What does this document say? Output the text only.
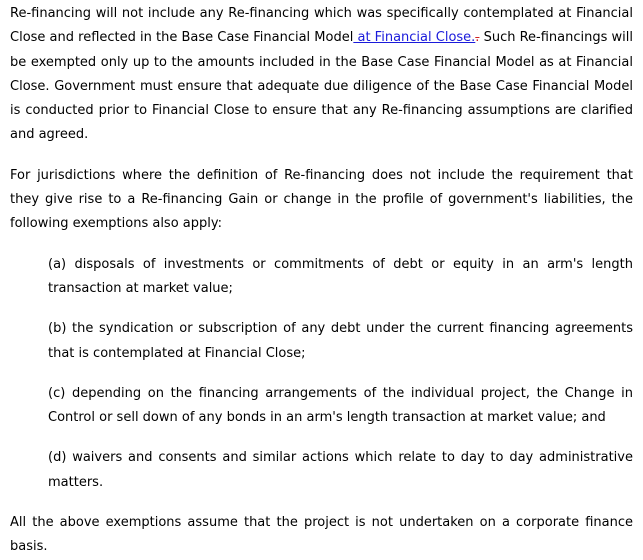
Re-financing will not include any Re-financing which was specifically contemplated at Financial Close and reflected in the Base Case Financial Model at Financial Close.. Such Re-financings will be exempted only up to the amounts included in the Base Case Financial Model as at Financial Close. Government must ensure that adequate due diligence of the Base Case Financial Model is conducted prior to Financial Close to ensure that any Re-financing assumptions are clarified and agreed.

For jurisdictions where the definition of Re-financing does not include the requirement that they give rise to a Re-financing Gain or change in the profile of government's liabilities, the following exemptions also apply:

(a) disposals of investments or commitments of debt or equity in an arm's length transaction at market value;
(b) the syndication or subscription of any debt under the current financing agreements that is contemplated at Financial Close;
(c) depending on the financing arrangements of the individual project, the Change in Control or sell down of any bonds in an arm's length transaction at market value; and
(d) waivers and consents and similar actions which relate to day to day administrative matters.

All the above exemptions assume that the project is not undertaken on a corporate finance basis.
